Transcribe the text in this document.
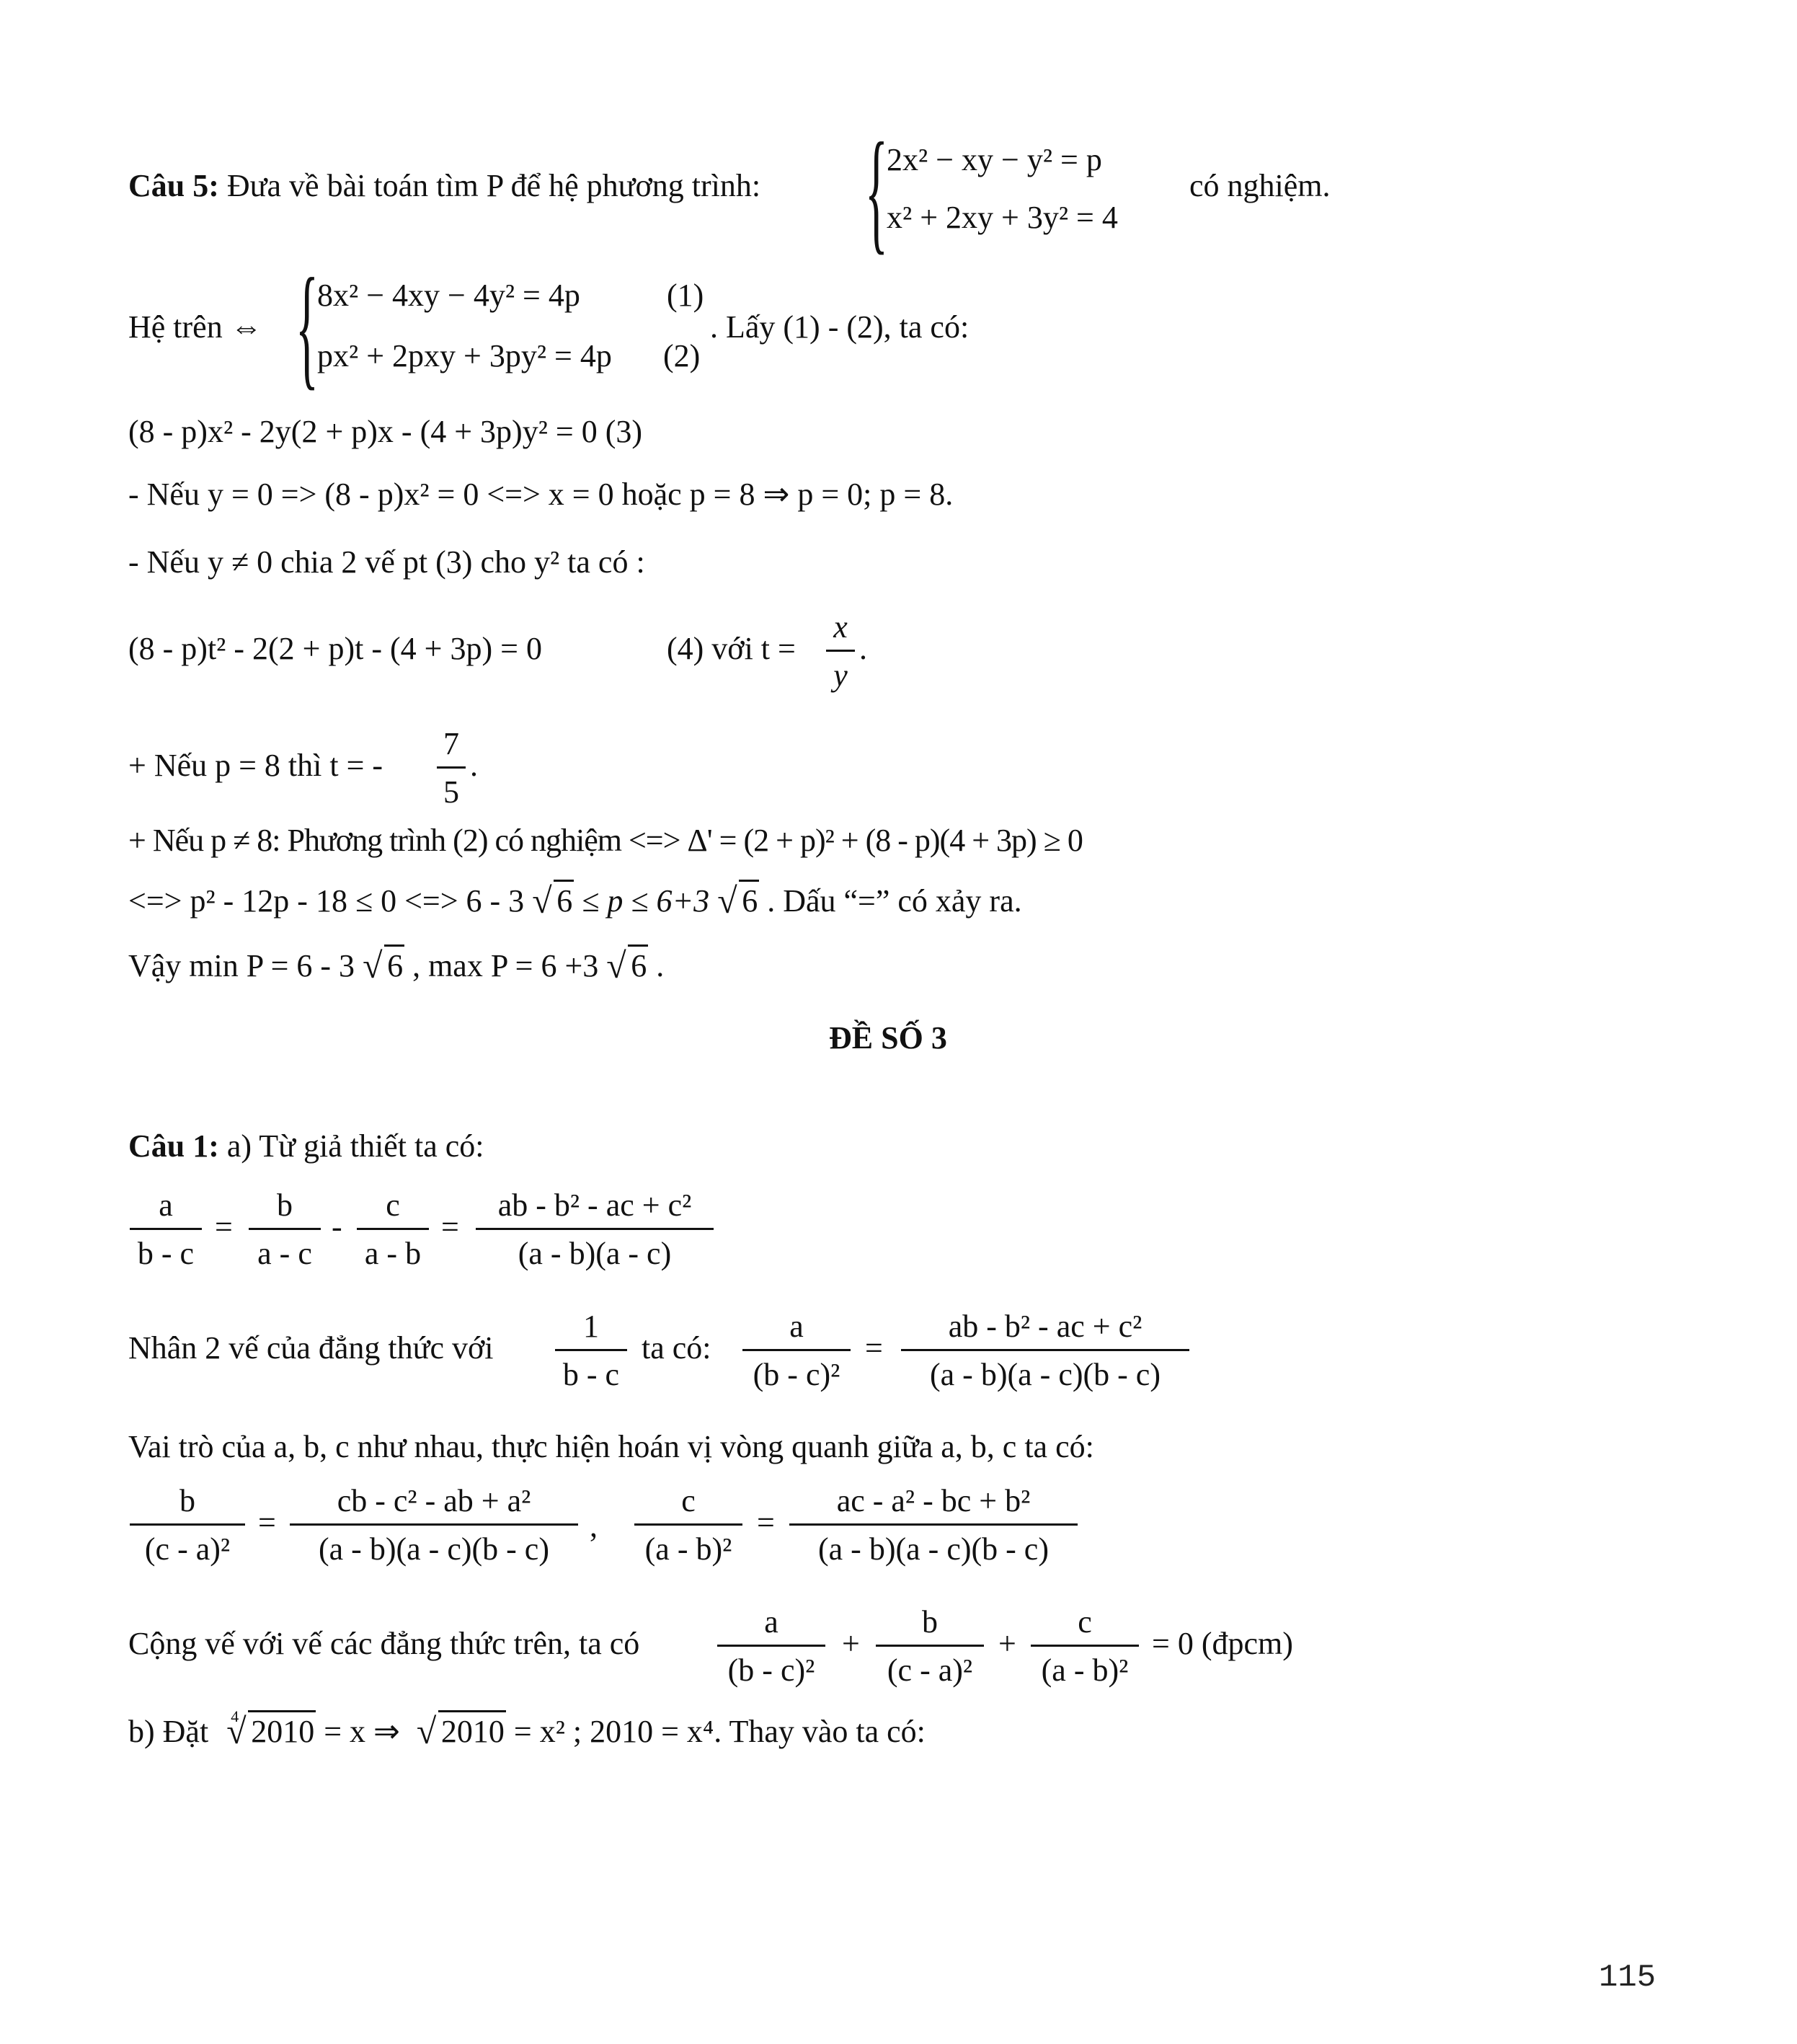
Câu 5: Đưa về bài toán tìm P để hệ phương trình: {
2x² − xy − y² = p
x² + 2xy + 3y² = 4
có nghiệm.
Hệ trên ⇔ {
8x² − 4xy − 4y² = 4p	(1)
px² + 2pxy + 3py² = 4p (2)
. Lấy (1) - (2), ta có:
(8 - p)x² - 2y(2 + p)x - (4 + 3p)y² = 0 (3)
- Nếu y = 0 => (8 - p)x² = 0 <=> x = 0 hoặc p = 8 ⇒ p = 0; p = 8.
- Nếu y ≠ 0 chia 2 vế pt (3) cho y² ta có :
(8 - p)t² - 2(2 + p)t - (4 + 3p) = 0	(4) với t =
x
y
.
+ Nếu p = 8 thì t = -
7
5
.
+ Nếu p ≠ 8: Phương trình (2) có nghiệm <=> Δ' = (2 + p)² + (8 - p)(4 + 3p) ≥ 0
<=> p² - 12p - 18 ≤ 0 <=> 6 - 3 √ 6 ≤ p ≤ 6+3 √ 6 . Dấu “=” có xảy ra.
Vậy min P = 6 - 3 √ 6 , max P = 6 +3 √ 6 .
ĐỀ SỐ 3
Câu 1: a) Từ giả thiết ta có:
a
b - c
=
b
a - c
-
c
a - b
=
ab - b² - ac + c²
(a - b)(a - c)
Nhân 2 vế của đẳng thức với
1
b - c
ta có:
a
(b - c)²
=
ab - b² - ac + c²
(a - b)(a - c)(b - c)
Vai trò của a, b, c như nhau, thực hiện hoán vị vòng quanh giữa a, b, c ta có:
b
(c - a)²
=
cb - c² - ab + a²
(a - b)(a - c)(b - c)
,
c
(a - b)²
=
ac - a² - bc + b²
(a - b)(a - c)(b - c)
Cộng vế với vế các đẳng thức trên, ta có
a
(b - c)²
+
b
(c - a)²
+
c
(a - b)²
= 0 (đpcm)
b) Đặt √ 4 2010 = x ⇒ √ 2010 = x² ; 2010 = x⁴. Thay vào ta có:
115
